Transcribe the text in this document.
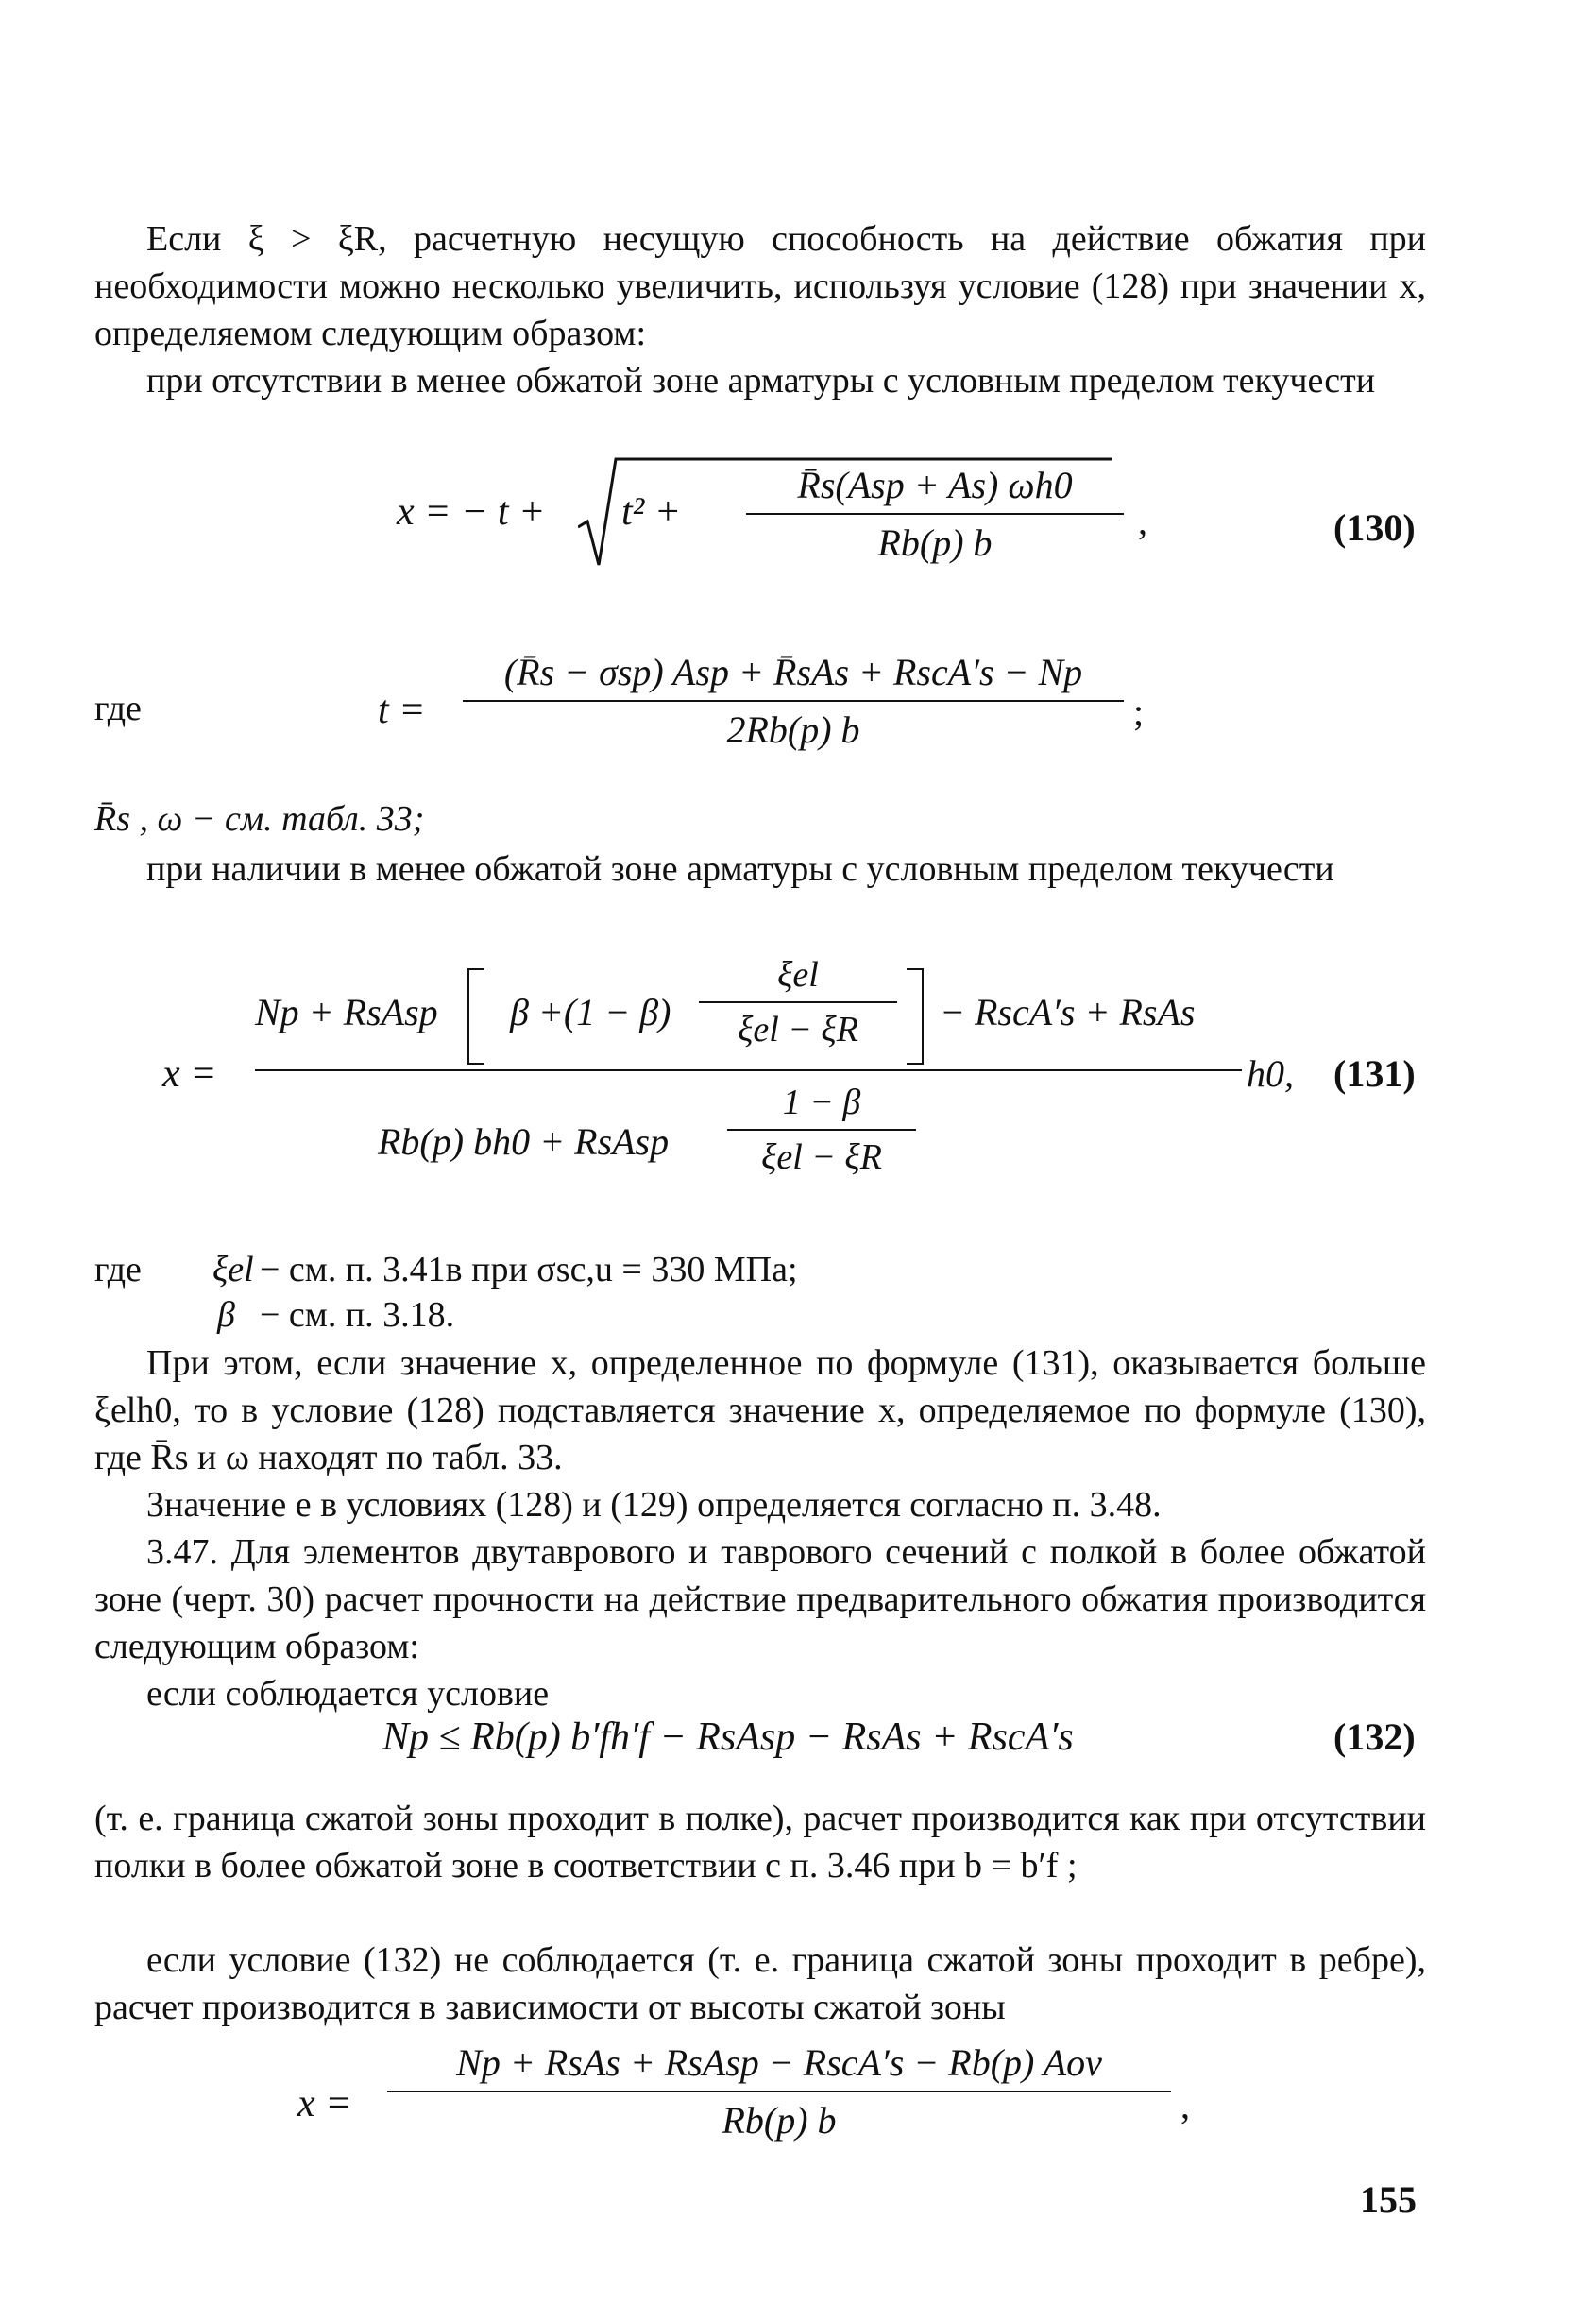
Если ξ > ξR, расчетную несущую способность на действие обжатия при необходимости можно несколько увеличить, используя условие (128) при значении x, определяемом следующим образом:
при отсутствии в менее обжатой зоне арматуры с условным пределом текучести
x = − t + t² +
R̄s(Asp + As) ωh0
Rb(p) b
,	(130)
где	t =
(R̄s − σsp) Asp + R̄sAs + RscA′s − Np
2Rb(p) b	;
R̄s , ω − см. табл. 33;
при наличии в менее обжатой зоне арматуры с условным пределом текучести
x =
Np + RsAsp β +(1 − β)
ξel
ξel − ξR	− RscA′s + RsAs
Rb(p) bh0 + RsAsp
1 − β
ξel − ξR
h0, (131)
где ξel − см. п. 3.41в при σsc,u = 330 МПа;
β − см. п. 3.18.
При этом, если значение x, определенное по формуле (131), оказывается больше ξelh0, то в условие (128) подставляется значение x, определяемое по формуле (130), где R̄s и ω находят по табл. 33.
Значение e в условиях (128) и (129) определяется согласно п. 3.48.
3.47. Для элементов двутаврового и таврового сечений с полкой в более обжатой зоне (черт. 30) расчет прочности на действие предварительного обжатия производится следующим образом:
если соблюдается условие
Np ≤ Rb(p) b′fh′f − RsAsp − RsAs + RscA′s	(132)
(т. е. граница сжатой зоны проходит в полке), расчет производится как при отсутствии полки в более обжатой зоне в соответствии с п. 3.46 при b = b′f ;
если условие (132) не соблюдается (т. е. граница сжатой зоны проходит в ребре), расчет производится в зависимости от высоты сжатой зоны
x =
Np + RsAs + RsAsp − RscA′s − Rb(p) Aov
Rb(p) b	,
155
